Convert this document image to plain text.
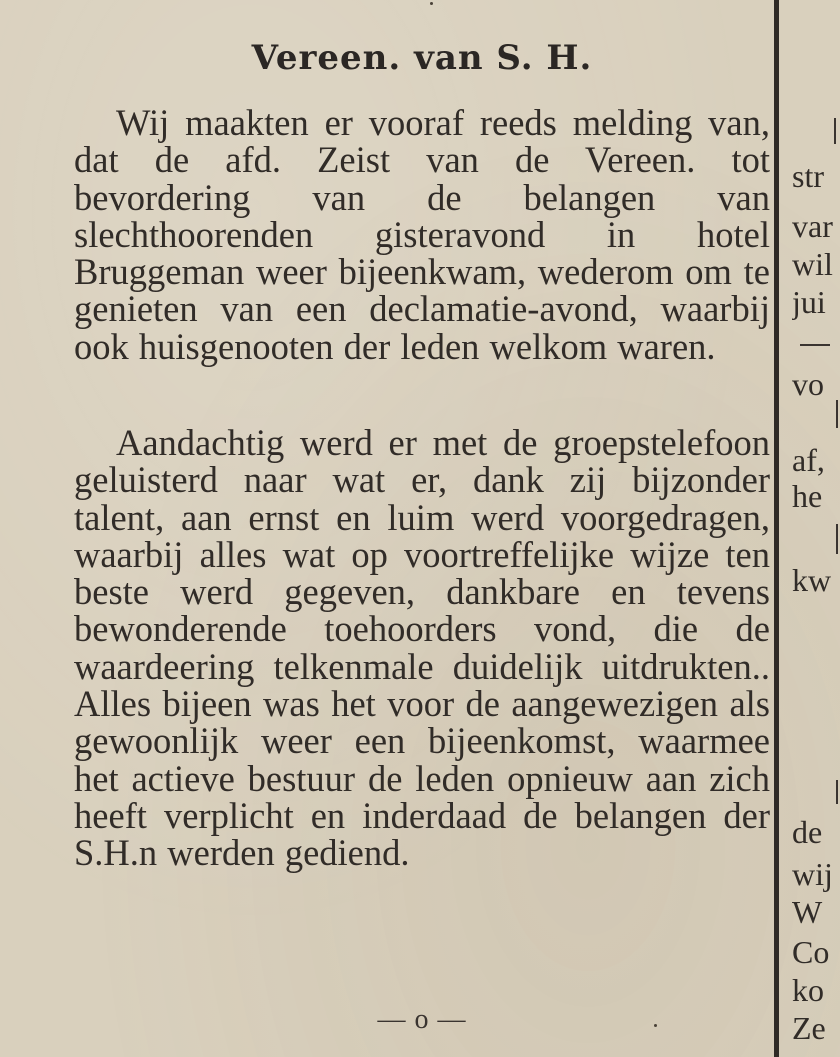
Vereen. van S. H.
Wij maakten er vooraf reeds melding van, dat de afd. Zeist van de Vereen. tot bevordering van de belangen van slechthoorenden gisteravond in hotel Bruggeman weer bijeenkwam, wederom om te genieten van een declamatie-avond, waarbij ook huisgenooten der leden welkom waren.
Aandachtig werd er met de groepstelefoon geluisterd naar wat er, dank zij bijzonder talent, aan ernst en luim werd voorgedragen, waarbij alles wat op voortreffelijke wijze ten beste werd gegeven, dankbare en tevens bewonderende toehoorders vond, die de waardeering telkenmale duidelijk uitdrukten.. Alles bijeen was het voor de aangewezigen als gewoonlijk weer een bijeenkomst, waarmee het actieve bestuur de leden opnieuw aan zich heeft verplicht en inderdaad de belangen der S.H.n werden gediend.
— o —
str
var
wil
jui
vo
af,
he
kw
de
wij
W
Co
ko
Ze
